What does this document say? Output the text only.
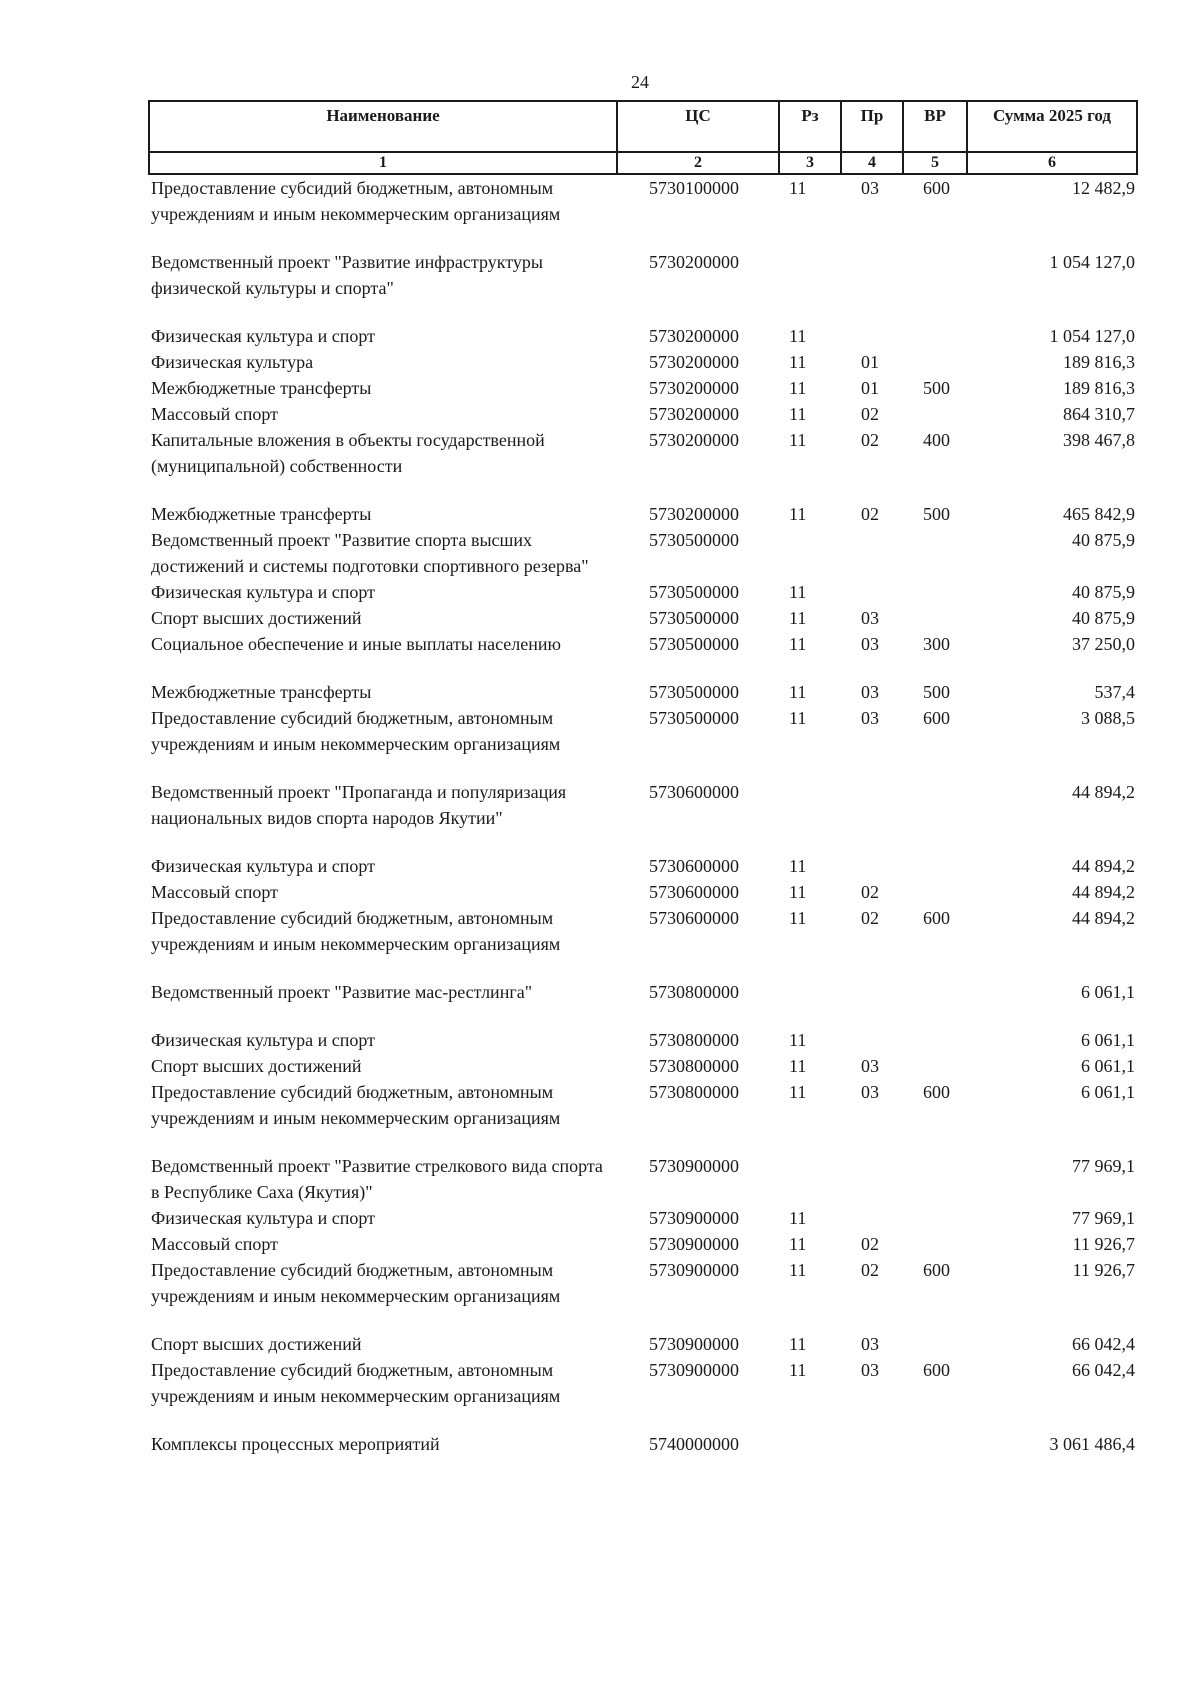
24
Наименование	ЦС	Рз	Пр	ВР	Сумма 2025 год
1	2	3	4	5	6
Предоставление субсидий бюджетным, автономным учреждениям и иным некоммерческим организациям	5730100000	11	03	600	12 482,9
Ведомственный проект "Развитие инфраструктуры физической культуры и спорта"	5730200000				1 054 127,0
Физическая культура и спорт	5730200000	11			1 054 127,0
Физическая культура	5730200000	11	01		189 816,3
Межбюджетные трансферты	5730200000	11	01	500	189 816,3
Массовый спорт	5730200000	11	02		864 310,7
Капитальные вложения в объекты государственной (муниципальной) собственности	5730200000	11	02	400	398 467,8
Межбюджетные трансферты	5730200000	11	02	500	465 842,9
Ведомственный проект "Развитие спорта высших достижений и системы подготовки спортивного резерва"	5730500000				40 875,9
Физическая культура и спорт	5730500000	11			40 875,9
Спорт высших достижений	5730500000	11	03		40 875,9
Социальное обеспечение и иные выплаты населению	5730500000	11	03	300	37 250,0
Межбюджетные трансферты	5730500000	11	03	500	537,4
Предоставление субсидий бюджетным, автономным учреждениям и иным некоммерческим организациям	5730500000	11	03	600	3 088,5
Ведомственный проект "Пропаганда и популяризация национальных видов спорта народов Якутии"	5730600000				44 894,2
Физическая культура и спорт	5730600000	11			44 894,2
Массовый спорт	5730600000	11	02		44 894,2
Предоставление субсидий бюджетным, автономным учреждениям и иным некоммерческим организациям	5730600000	11	02	600	44 894,2
Ведомственный проект "Развитие мас-рестлинга"	5730800000				6 061,1
Физическая культура и спорт	5730800000	11			6 061,1
Спорт высших достижений	5730800000	11	03		6 061,1
Предоставление субсидий бюджетным, автономным учреждениям и иным некоммерческим организациям	5730800000	11	03	600	6 061,1
Ведомственный проект "Развитие стрелкового вида спорта в Республике Саха (Якутия)"	5730900000				77 969,1
Физическая культура и спорт	5730900000	11			77 969,1
Массовый спорт	5730900000	11	02		11 926,7
Предоставление субсидий бюджетным, автономным учреждениям и иным некоммерческим организациям	5730900000	11	02	600	11 926,7
Спорт высших достижений	5730900000	11	03		66 042,4
Предоставление субсидий бюджетным, автономным учреждениям и иным некоммерческим организациям	5730900000	11	03	600	66 042,4
Комплексы процессных мероприятий	5740000000				3 061 486,4
